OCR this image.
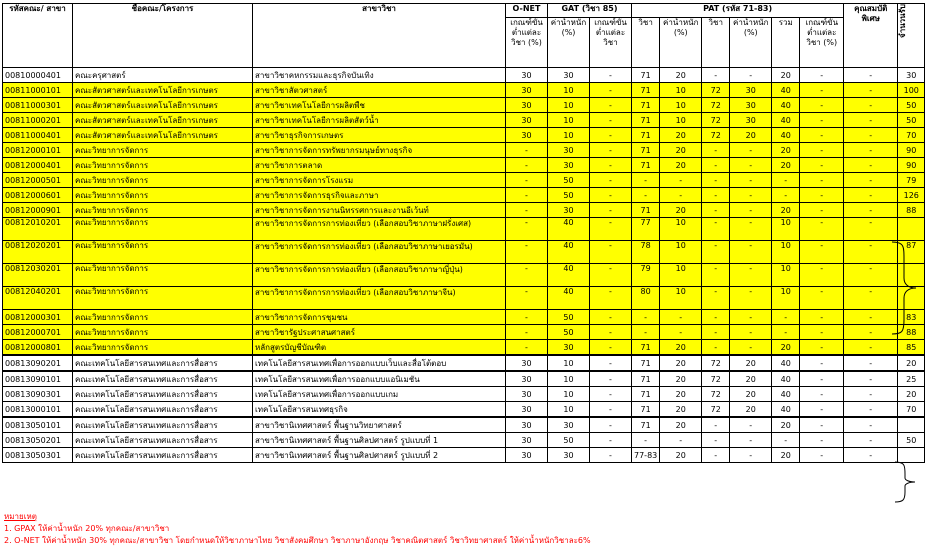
รหัสคณะ/ สาขา	ชื่อคณะ/โครงการ	สาขาวิชา	O-NET	GAT (วิชา 85)		PAT (รหัส 71-83)						คุณสมบัติ พิเศษ	จำนวนรับ

			เกณฑ์ขั้นต่ำแต่ละวิชา (%)	ค่าน้ำหนัก (%)	เกณฑ์ขั้นต่ำแต่ละวิชา	วิชา	ค่าน้ำหนัก (%)	วิชา	ค่าน้ำหนัก (%)	รวม	เกณฑ์ขั้นต่ำแต่ละวิชา (%)		
00810000401	คณะครุศาสตร์	สาขาวิชาคหกรรมและธุรกิจบันเทิง	30	30	-	71	20	-	-	20	-	-	30
00811000101	คณะสัตวศาสตร์และเทคโนโลยีการเกษตร	สาขาวิชาสัตวศาสตร์	30	10	-	71	10	72	30	40	-	-	100
00811000301	คณะสัตวศาสตร์และเทคโนโลยีการเกษตร	สาขาวิชาเทคโนโลยีการผลิตพืช	30	10	-	71	10	72	30	40	-	-	50
00811000201	คณะสัตวศาสตร์และเทคโนโลยีการเกษตร	สาขาวิชาเทคโนโลยีการผลิตสัตว์น้ำ	30	10	-	71	10	72	30	40	-	-	50
00811000401	คณะสัตวศาสตร์และเทคโนโลยีการเกษตร	สาขาวิชาธุรกิจการเกษตร	30	10	-	71	20	72	20	40	-	-	70
00812000101	คณะวิทยาการจัดการ	สาขาวิชาการจัดการทรัพยากรมนุษย์ทางธุรกิจ	-	30	-	71	20	-	-	20	-	-	90
00812000401	คณะวิทยาการจัดการ	สาขาวิชาการตลาด	-	30	-	71	20	-	-	20	-	-	90
00812000501	คณะวิทยาการจัดการ	สาขาวิชาการจัดการโรงแรม	-	50	-	-	-	-	-	-	-	-	79
00812000601	คณะวิทยาการจัดการ	สาขาวิชาการจัดการธุรกิจและภาษา	-	50	-	-	-	-	-	-	-	-	126
00812000901	คณะวิทยาการจัดการ	สาขาวิชาการจัดการงานนิทรรศการและงานอีเว้นท์	-	30	-	71	20	-	-	20	-	-	88
00812010201	คณะวิทยาการจัดการ	สาขาวิชาการจัดการการท่องเที่ยว (เลือกสอบวิชาภาษาฝรั่งเศส)	-	40	-	77	10	-	-	10	-	-	
00812020201	คณะวิทยาการจัดการ	สาขาวิชาการจัดการการท่องเที่ยว (เลือกสอบวิชาภาษาเยอรมัน)	-	40	-	78	10	-	-	10	-	-	87
00812030201	คณะวิทยาการจัดการ	สาขาวิชาการจัดการการท่องเที่ยว (เลือกสอบวิชาภาษาญี่ปุ่น)	-	40	-	79	10	-	-	10	-	-	
00812040201	คณะวิทยาการจัดการ	สาขาวิชาการจัดการการท่องเที่ยว (เลือกสอบวิชาภาษาจีน)	-	40	-	80	10	-	-	10	-	-	
00812000301	คณะวิทยาการจัดการ	สาขาวิชาการจัดการชุมชน	-	50	-	-	-	-	-	-	-	-	83
00812000701	คณะวิทยาการจัดการ	สาขาวิชารัฐประศาสนศาสตร์	-	50	-	-	-	-	-	-	-	-	88
00812000801	คณะวิทยาการจัดการ	หลักสูตรบัญชีบัณฑิต	-	30	-	71	20	-	-	20	-	-	85
00813090201	คณะเทคโนโลยีสารสนเทศและการสื่อสาร	เทคโนโลยีสารสนเทศเพื่อการออกแบบเว็บและสื่อโต้ตอบ	30	10	-	71	20	72	20	40	-	-	20
00813090101	คณะเทคโนโลยีสารสนเทศและการสื่อสาร	เทคโนโลยีสารสนเทศเพื่อการออกแบบแอนิเมชัน	30	10	-	71	20	72	20	40	-	-	25
00813090301	คณะเทคโนโลยีสารสนเทศและการสื่อสาร	เทคโนโลยีสารสนเทศเพื่อการออกแบบเกม	30	10	-	71	20	72	20	40	-	-	20
00813000101	คณะเทคโนโลยีสารสนเทศและการสื่อสาร	เทคโนโลยีสารสนเทศธุรกิจ	30	10	-	71	20	72	20	40	-	-	70
00813050101	คณะเทคโนโลยีสารสนเทศและการสื่อสาร	สาขาวิชานิเทศศาสตร์ พื้นฐานวิทยาศาสตร์	30	30	-	71	20	-	-	20	-	-	
00813050201	คณะเทคโนโลยีสารสนเทศและการสื่อสาร	สาขาวิชานิเทศศาสตร์ พื้นฐานศิลปศาสตร์ รูปแบบที่ 1	30	50	-	-	-	-	-	-	-	-	50
00813050301	คณะเทคโนโลยีสารสนเทศและการสื่อสาร	สาขาวิชานิเทศศาสตร์ พื้นฐานศิลปศาสตร์ รูปแบบที่ 2	30	30	-	77-83	20	-	-	20	-	-	
หมายเหตุ
1. GPAX ให้ค่าน้ำหนัก 20% ทุกคณะ/สาขาวิชา
2. O-NET ให้ค่าน้ำหนัก 30% ทุกคณะ/สาขาวิชา โดยกำหนดให้วิชาภาษาไทย วิชาสังคมศึกษา วิชาภาษาอังกฤษ วิชาคณิตศาสตร์ วิชาวิทยาศาสตร์ ให้ค่าน้ำหนักวิชาละ6%
